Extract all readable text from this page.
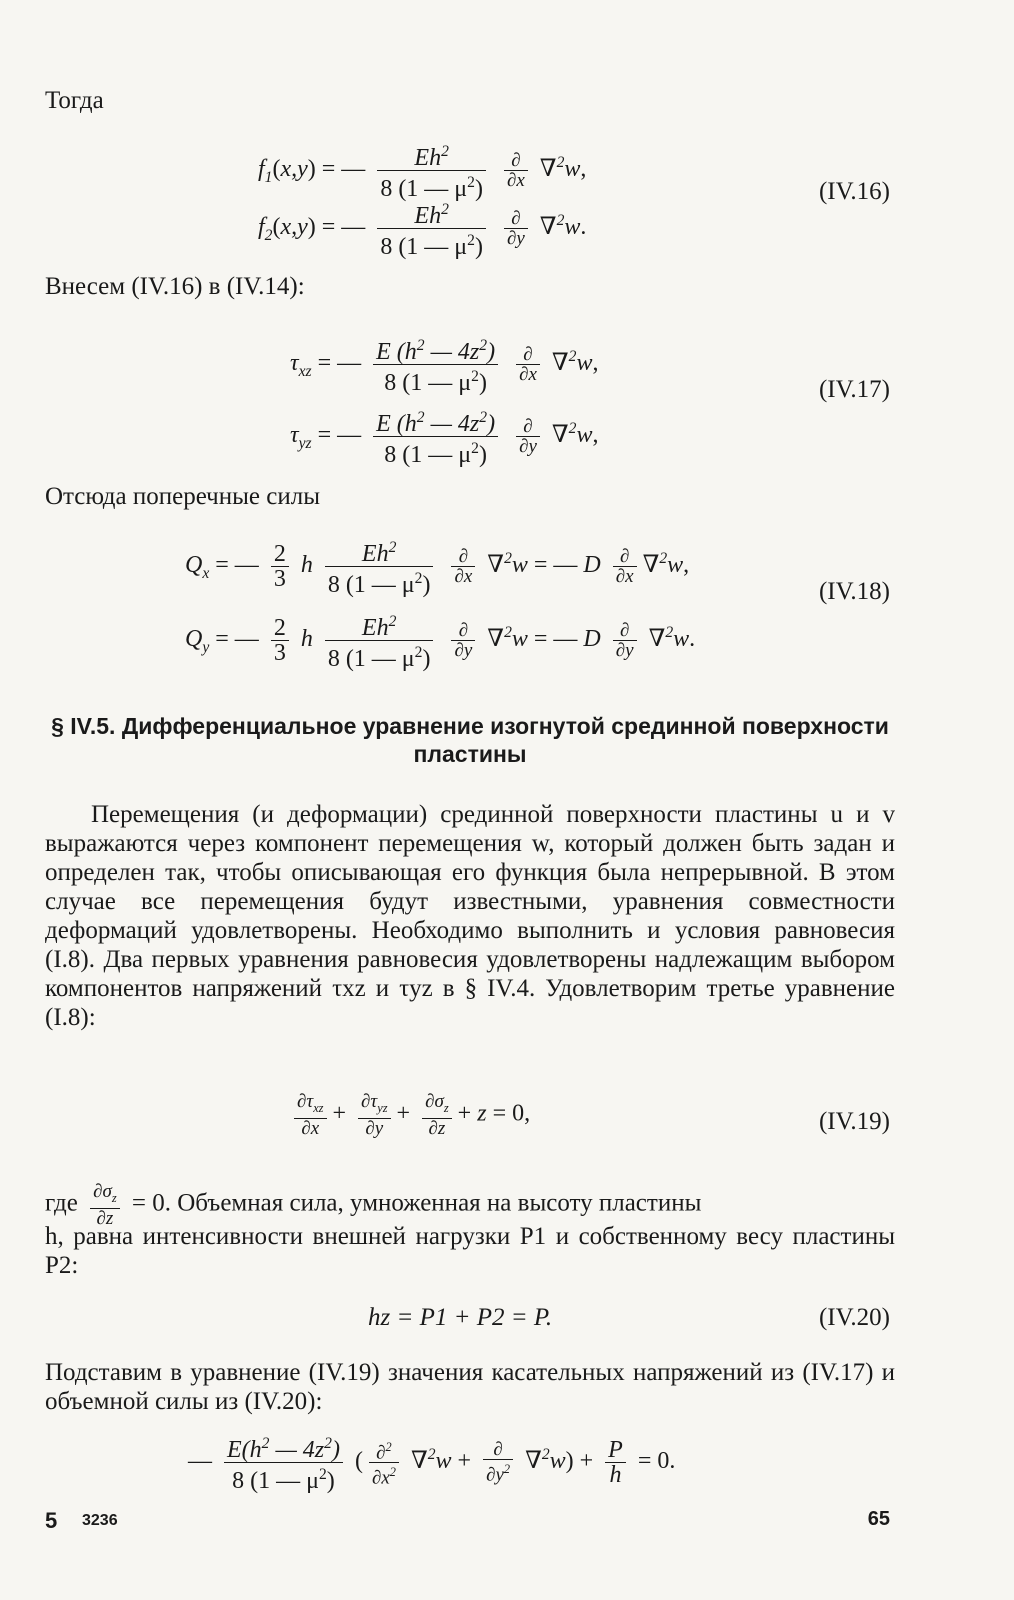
Тогда
$f_1(x,y)$ = — $\frac{Eh^2}{8 (1 — \mu^2)}$
$\frac{\partial}{\partial x} \nabla^2w$,
$f_2(x,y)$ = — $\frac{Eh^2}{8 (1 — \mu^2)}$
$\frac{\partial}{\partial y} \nabla^2w$.
(IV.16)
Внесем (IV.16) в (IV.14):
$\tau_{xz}$ = — $\frac{E (h^2 — 4z^2)}{8 (1 — \mu^2)}$
$\frac{\partial}{\partial x} \nabla^2w$,
$\tau_{yz}$ = — $\frac{E (h^2 — 4z^2)}{8 (1 — \mu^2)}$
$\frac{\partial}{\partial y} \nabla^2w$,
(IV.17)
Отсюда поперечные силы
$Q_x$ = — $\frac{2}{3}$ h $\frac{Eh^2}{8 (1 — \mu^2)}$
$\frac{\partial}{\partial x} \nabla^2w$ = — D $\frac{\partial}{\partial x} \nabla^2w$,
$Q_y$ = — $\frac{2}{3}$ h $\frac{Eh^2}{8 (1 — \mu^2)}$
$\frac{\partial}{\partial y} \nabla^2w$ = — D $\frac{\partial}{\partial y} \nabla^2w$.
(IV.18)
§ IV.5. Дифференциальное уравнение изогнутой срединной поверхности пластины

Перемещения (и деформации) срединной поверхности пластины u и v выражаются через компонент перемещения w, который должен быть задан и определен так, чтобы описывающая его функция была непрерывной. В этом случае все перемещения будут известными, уравнения совместности деформаций удовлетворены. Необходимо выполнить и условия равновесия (I.8). Два первых уравнения равновесия удовлетворены надлежащим выбором компонентов напряжений τxz и τyz в § IV.4. Удовлетворим третье уравнение (I.8):

$\frac{\partial\tau_{xz}}{\partial x} + \frac{\partial\tau_{yz}}{\partial y} + \frac{\partial\sigma_z}{\partial z} + z = 0$,	(IV.19)
где $\frac{\partial\sigma_z}{\partial z} = 0$. Объемная сила, умноженная на высоту пластины

h, равна интенсивности внешней нагрузки P1 и собственному весу пластины P2:

hz = P1 + P2 = P.	(IV.20)

Подставим в уравнение (IV.19) значения касательных напряжений из (IV.17) и объемной силы из (IV.20):

— $\frac{E(h^2 — 4z^2)}{8 (1 — \mu^2)}$ ( $\frac{\partial^2}{\partial x^2} \nabla^2w + \frac{\partial}{\partial y^2} \nabla^2w) + \frac{P}{h} = 0$.
5 3236	65
